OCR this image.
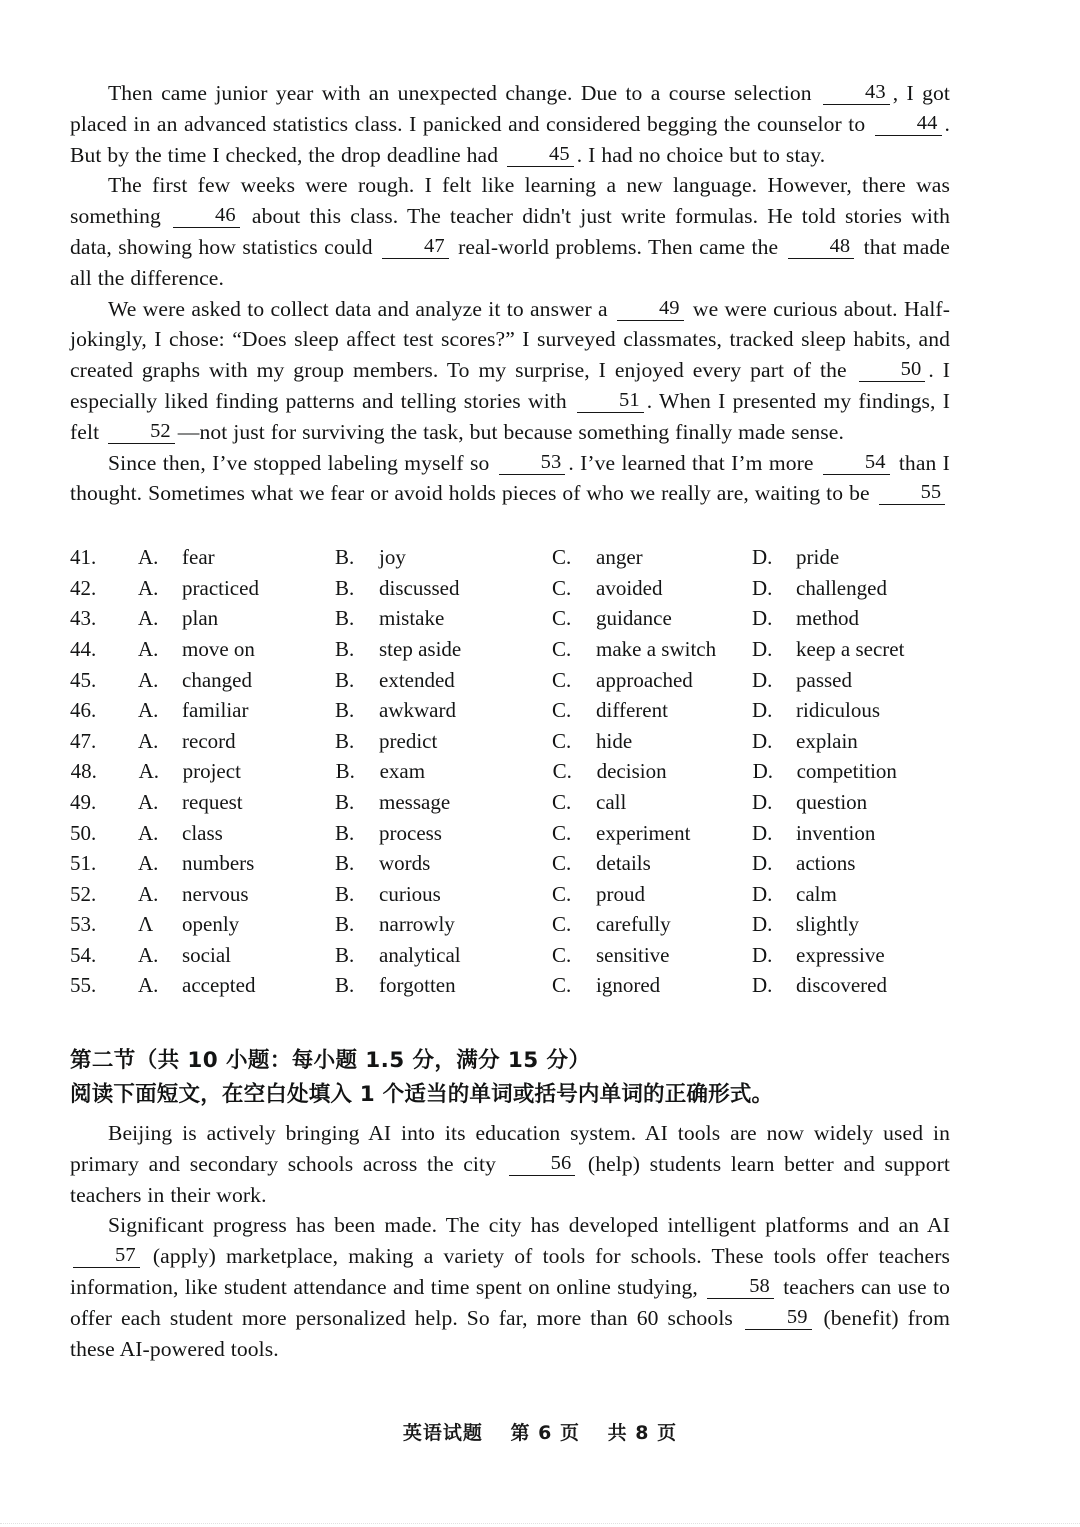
Then came junior year with an unexpected change. Due to a course selection 43 , I got placed in an advanced statistics class. I panicked and considered begging the counselor to 44 . But by the time I checked, the drop deadline had 45 . I had no choice but to stay.

The first few weeks were rough. I felt like learning a new language. However, there was something 46 about this class. The teacher didn't just write formulas. He told stories with data, showing how statistics could 47 real-world problems. Then came the 48 that made all the difference.

We were asked to collect data and analyze it to answer a 49 we were curious about. Half-jokingly, I chose: “Does sleep affect test scores?” I surveyed classmates, tracked sleep habits, and created graphs with my group members. To my surprise, I enjoyed every part of the 50 . I especially liked finding patterns and telling stories with 51 . When I presented my findings, I felt 52 —not just for surviving the task, but because something finally made sense.

Since then, I’ve stopped labeling myself so 53 . I’ve learned that I’m more 54 than I thought. Sometimes what we fear or avoid holds pieces of who we really are, waiting to be 55

41.	A. fear	B. joy	C. anger	D. pride
42.	A. practiced	B. discussed	C. avoided	D. challenged
43.	A. plan	B. mistake	C. guidance	D. method
44.	A. move on	B. step aside	C. make a switch D. keep a secret
45.	A. changed	B. extended	C. approached	D. passed
46.	A. familiar	B. awkward	C. different	D. ridiculous
47.	A. record	B. predict	C. hide	D. explain
48.	A. project	B. exam	C. decision	D. competition
49.	A. request	B. message	C. call	D. question
50.	A. class	B. process	C. experiment	D. invention
51.	A. numbers	B. words	C. details	D. actions
52.	A. nervous	B. curious	C. proud	D. calm
53.	Λ openly	B. narrowly	C. carefully	D. slightly
54.	A. social	B. analytical	C. sensitive	D. expressive
55.	A. accepted	B. forgotten	C. ignored	D. discovered
第二节（共 10 小题：每小题 1.5 分，满分 15 分）
阅读下面短文，在空白处填入 1 个适当的单词或括号内单词的正确形式。

Beijing is actively bringing AI into its education system. AI tools are now widely used in primary and secondary schools across the city 56 (help) students learn better and support teachers in their work.

Significant progress has been made. The city has developed intelligent platforms and an AI 57 (apply) marketplace, making a variety of tools for schools. These tools offer teachers information, like student attendance and time spent on online studying, 58 teachers can use to offer each student more personalized help. So far, more than 60 schools 59 (benefit) from these AI-powered tools.

英语试题 第 6 页 共 8 页
